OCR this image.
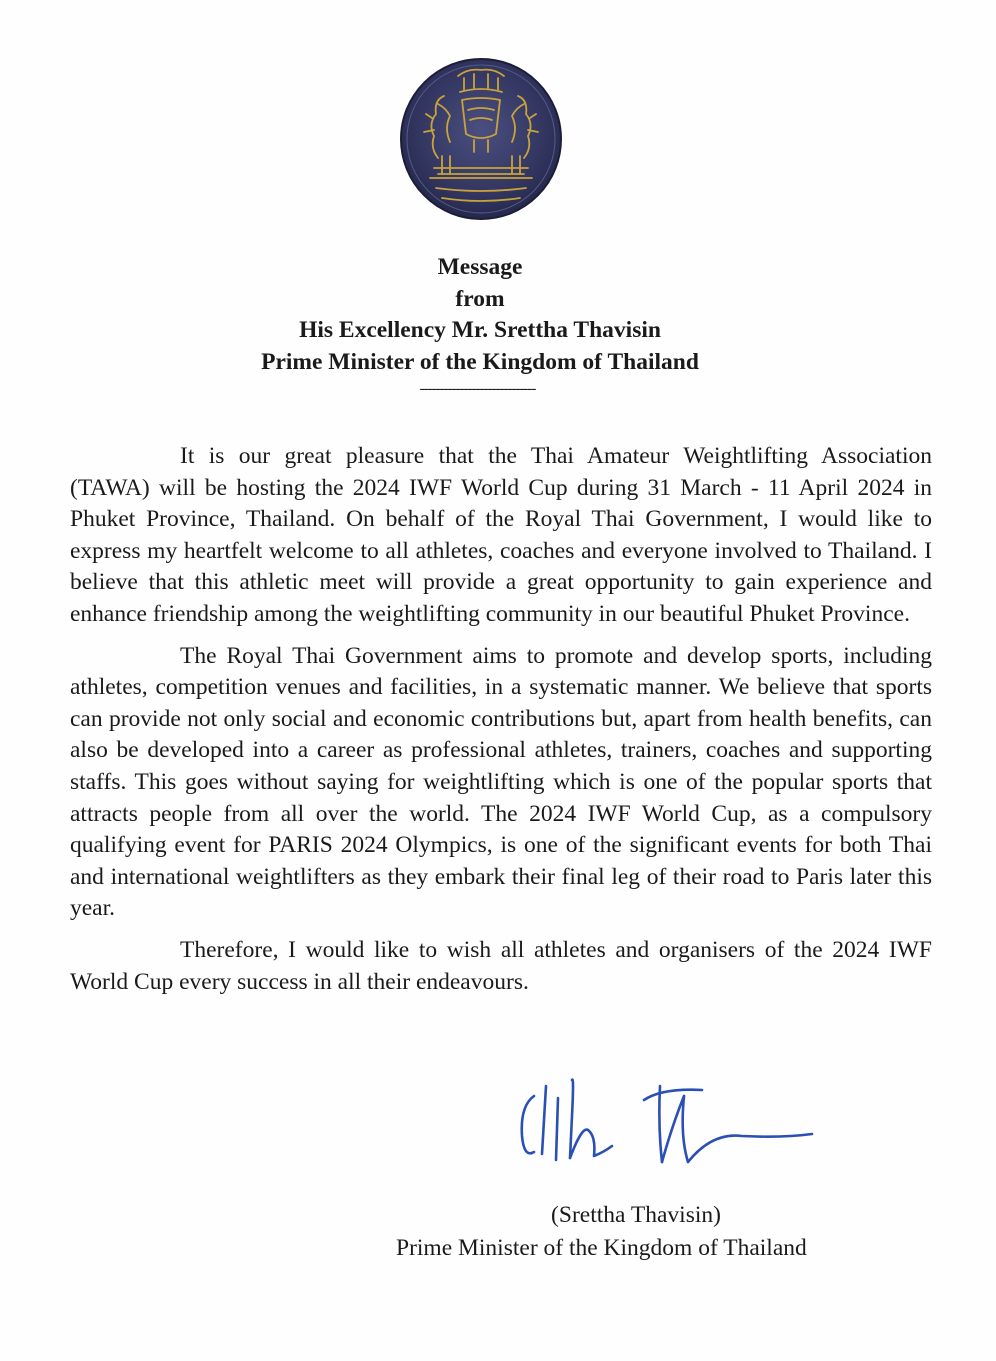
Message
from
His Excellency Mr. Srettha Thavisin
Prime Minister of the Kingdom of Thailand
-----------------------------

It is our great pleasure that the Thai Amateur Weightlifting Association (TAWA) will be hosting the 2024 IWF World Cup during 31 March - 11 April 2024 in Phuket Province, Thailand. On behalf of the Royal Thai Government, I would like to express my heartfelt welcome to all athletes, coaches and everyone involved to Thailand. I believe that this athletic meet will provide a great opportunity to gain experience and enhance friendship among the weightlifting community in our beautiful Phuket Province.

The Royal Thai Government aims to promote and develop sports, including athletes, competition venues and facilities, in a systematic manner. We believe that sports can provide not only social and economic contributions but, apart from health benefits, can also be developed into a career as professional athletes, trainers, coaches and supporting staffs. This goes without saying for weightlifting which is one of the popular sports that attracts people from all over the world. The 2024 IWF World Cup, as a compulsory qualifying event for PARIS 2024 Olympics, is one of the significant events for both Thai and international weightlifters as they embark their final leg of their road to Paris later this year.

Therefore, I would like to wish all athletes and organisers of the 2024 IWF World Cup every success in all their endeavours.

(Srettha Thavisin)
Prime Minister of the Kingdom of Thailand
